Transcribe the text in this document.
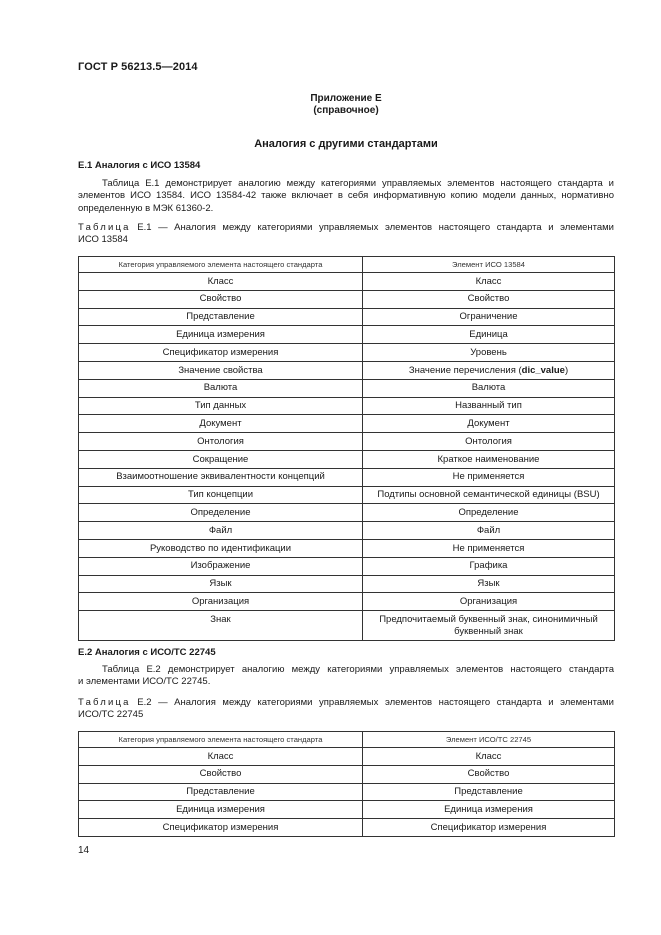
ГОСТ Р 56213.5—2014
Приложение Е
(справочное)
Аналогия с другими стандартами
Е.1 Аналогия с ИСО 13584
Таблица Е.1 демонстрирует аналогию между категориями управляемых элементов настоящего стандарта и
элементов ИСО 13584. ИСО 13584-42 также включает в себя информативную копию модели данных, нормативно
определенную в МЭК 61360-2.
Таблица Е.1 — Аналогия между категориями управляемых элементов настоящего стандарта и элементами
ИСО 13584
Категория управляемого элемента настоящего стандарта	Элемент ИСО 13584
Класс	Класс
Свойство	Свойство
Представление	Ограничение
Единица измерения	Единица
Спецификатор измерения	Уровень
Значение свойства	Значение перечисления (dic_value)
Валюта	Валюта
Тип данных	Названный тип
Документ	Документ
Онтология	Онтология
Сокращение	Краткое наименование
Взаимоотношение эквивалентности концепций	Не применяется
Тип концепции	Подтипы основной семантической единицы (BSU)
Определение	Определение
Файл	Файл
Руководство по идентификации	Не применяется
Изображение	Графика
Язык	Язык
Организация	Организация
Знак	Предпочитаемый буквенный знак, синонимичный
буквенный знак
Е.2 Аналогия с ИСО/ТС 22745
Таблица Е.2 демонстрирует аналогию между категориями управляемых элементов настоящего стандарта
и элементами ИСО/ТС 22745.
Таблица Е.2 — Аналогия между категориями управляемых элементов настоящего стандарта и элементами
ИСО/ТС 22745
Категория управляемого элемента настоящего стандарта	Элемент ИСО/ТС 22745
Класс	Класс
Свойство	Свойство
Представление	Представление
Единица измерения	Единица измерения
Спецификатор измерения	Спецификатор измерения
14
